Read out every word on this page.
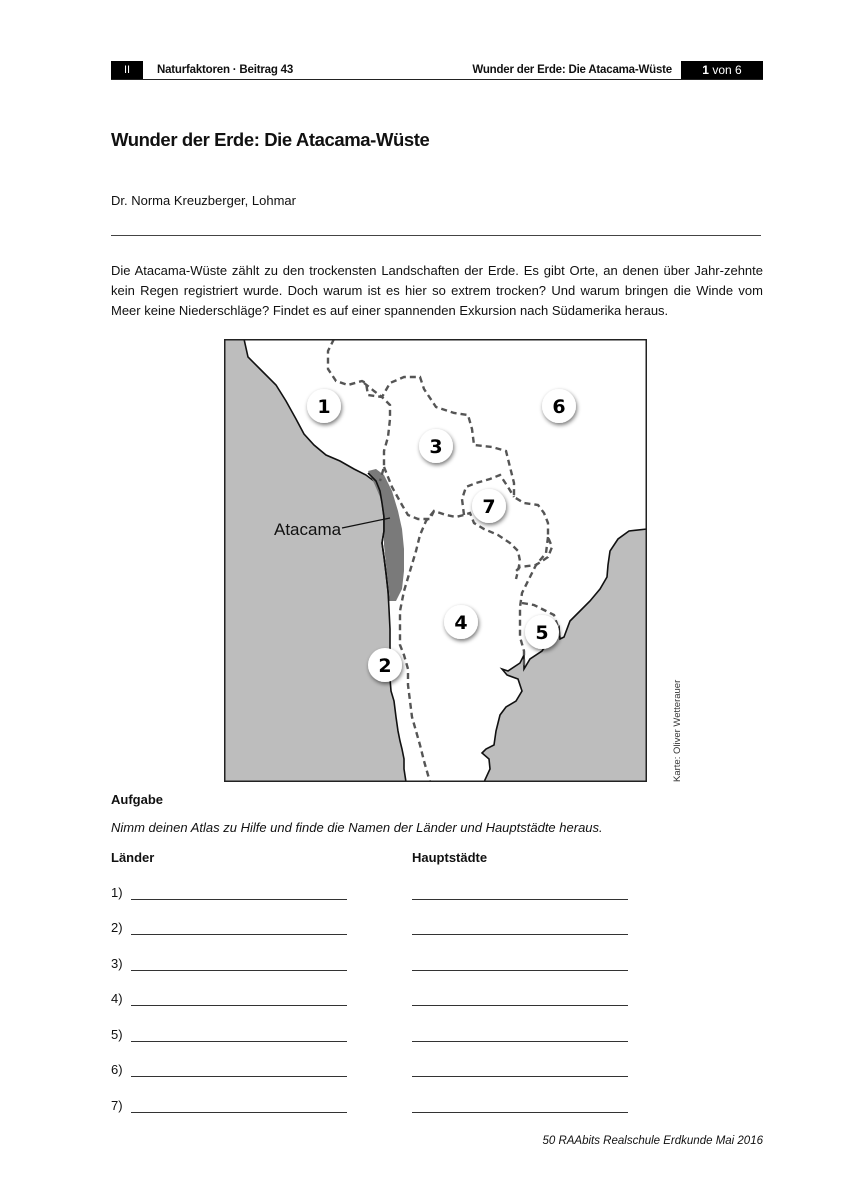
II	Naturfaktoren · Beitrag 43	Wunder der Erde: Die Atacama-Wüste	1 von 6
Wunder der Erde: Die Atacama-Wüste
Dr. Norma Kreuzberger, Lohmar
Die Atacama-Wüste zählt zu den trockensten Landschaften der Erde. Es gibt Orte, an denen über Jahr-zehnte kein Regen registriert wurde. Doch warum ist es hier so extrem trocken? Und warum bringen die Winde vom Meer keine Niederschläge? Findet es auf einer spannenden Exkursion nach Südamerika heraus.
Atacama
1
2
3
4	5
6
7
Karte: Oliver Wetterauer
Aufgabe
Nimm deinen Atlas zu Hilfe und finde die Namen der Länder und Hauptstädte heraus.
Länder	Hauptstädte
1)
2)
3)
4)
5)
6)
7)
50 RAAbits Realschule Erdkunde Mai 2016
